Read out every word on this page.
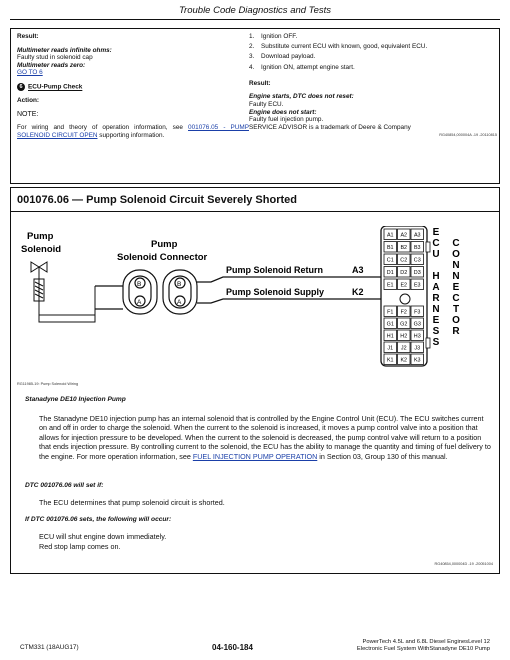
Trouble Code Diagnostics and Tests
Result:
Multimeter reads infinite ohms:
Faulty stud in solenoid cap
Multimeter reads zero:
GO TO 6
6 ECU-Pump Check
Action:
NOTE:
For wiring and theory of operation information, see 001076.05 - PUMP SOLENOID CIRCUIT OPEN supporting information.
1.	Ignition OFF.
2.	Substitute current ECU with known, good, equivalent ECU.
3.	Download payload.
4.	Ignition ON, attempt engine start.
Result:
Engine starts, DTC does not reset:
Faulty ECU.
Engine does not start:
Faulty fuel injection pump.
SERVICE ADVISOR is a trademark of Deere & Company
RG40854,000004A -19 -20110815
001076.06 — Pump Solenoid Circuit Severely Shorted
Pump
Solenoid	Pump
Solenoid Connector
B
A
B
A
Pump Solenoid Return	A3
Pump Solenoid Supply	K2
A1 A2 A3
B1 B2 B3
C1 C2 C3
D1 D2 D3
E1 E2 E3
F1 F2 F3
G1 G2 G3
H1 H2 H3
J1 J2 J3
K1 K2 K3
E
C
U
H
A
R
N
E
S
S
C
O
N
N
E
C
T
O
R
RG11985-19: Pump Solenoid Wiring
Stanadyne DE10 Injection Pump
The Stanadyne DE10 injection pump has an internal solenoid that is controlled by the Engine Control Unit (ECU). The ECU switches current on and off in order to charge the solenoid. When the current to the solenoid is increased, it moves a pump control valve into a position that allows for injection pressure to be developed. When the current to the solenoid is decreased, the pump control valve will return to a position that ends injection pressure. By controlling current to the solenoid, the ECU has the ability to manage the quantity and timing of fuel delivery to the engine. For more operation information, see FUEL INJECTION PUMP OPERATION in Section 03, Group 130 of this manual.
DTC 001076.06 will set if:
The ECU determines that pump solenoid circuit is shorted.
If DTC 001076.06 sets, the following will occur:
ECU will shut engine down immediately.
Red stop lamp comes on.
RG40854,000004D -19 -20051004
CTM331 (18AUG17)	04-160-184
PowerTech 4.5L and 6.8L Diesel EnginesLevel 12
Electronic Fuel System WithStanadyne DE10 Pump
